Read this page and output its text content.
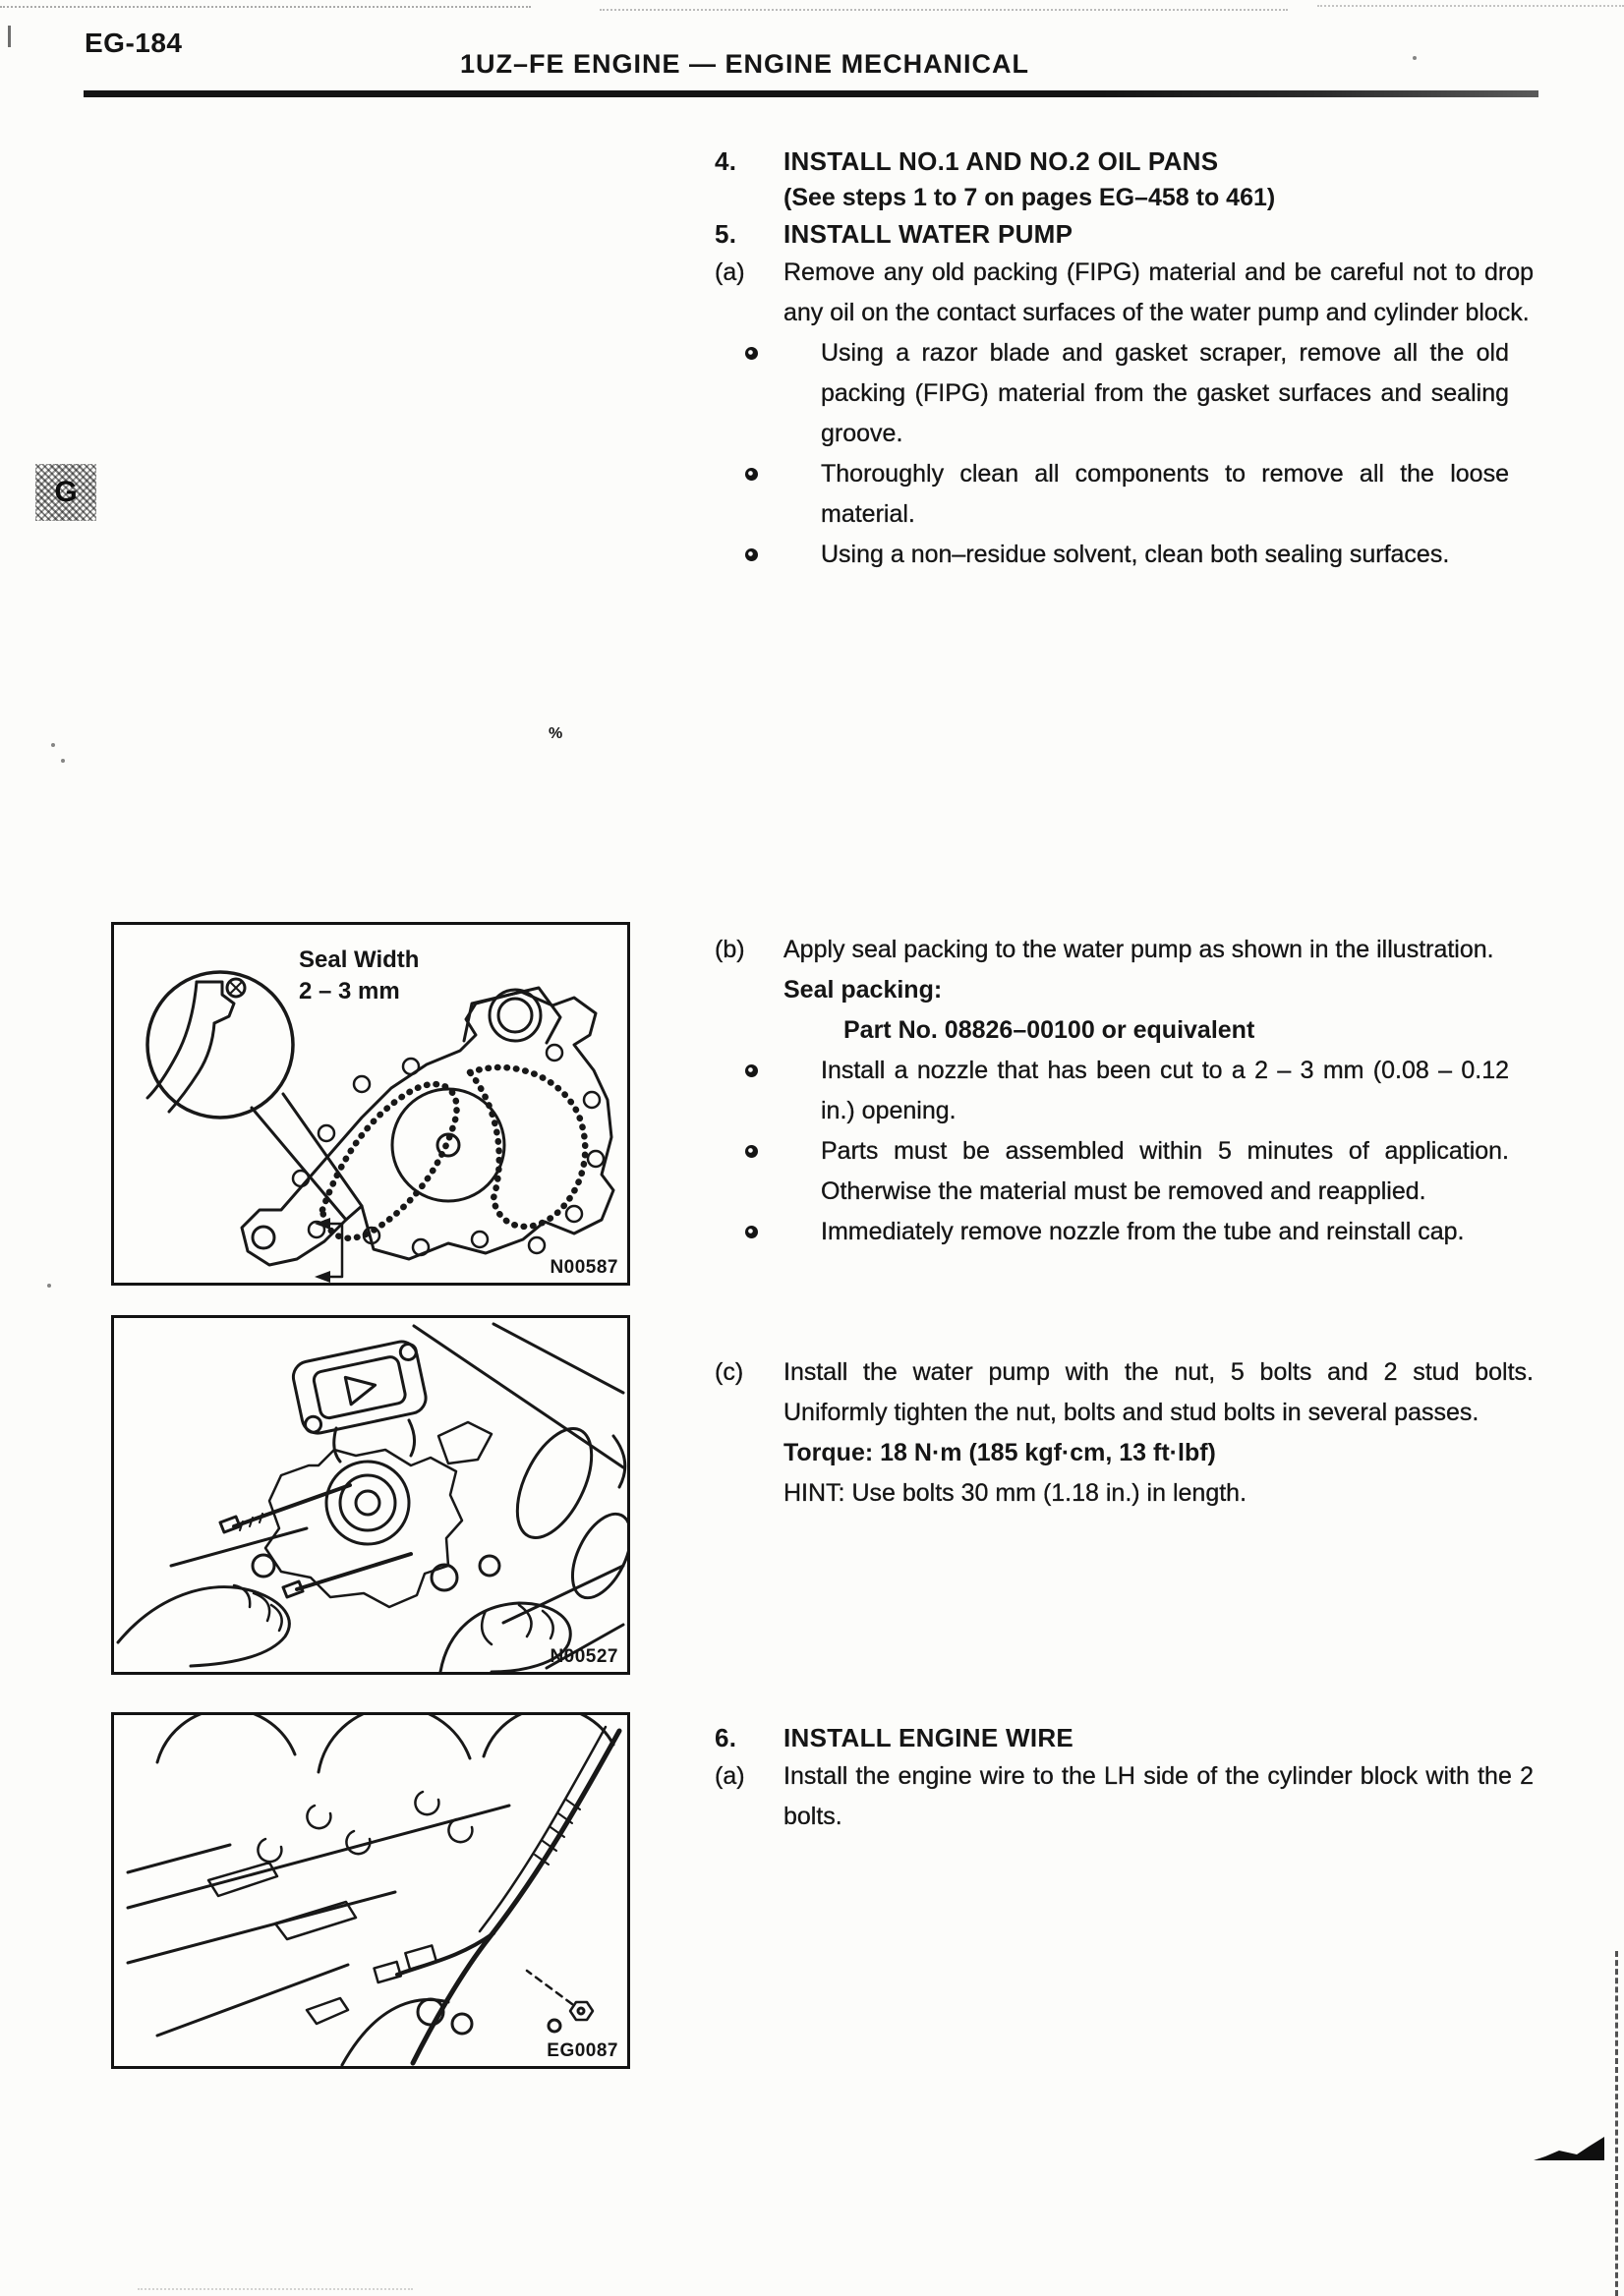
EG-184
1UZ–FE ENGINE — ENGINE MECHANICAL
G
4.	INSTALL NO.1 AND NO.2 OIL PANS
(See steps 1 to 7 on pages EG–458 to 461)
5.	INSTALL WATER PUMP
(a)	Remove any old packing (FIPG) material and be careful not to drop any oil on the contact surfaces of the water pump and cylinder block.
Using a razor blade and gasket scraper, remove all the old packing (FIPG) material from the gasket surfaces and sealing groove.
Thoroughly clean all components to remove all the loose material.
Using a non–residue solvent, clean both sealing surfaces.
(b)	Apply seal packing to the water pump as shown in the illustration.
Seal packing:
Part No. 08826–00100 or equivalent
Install a nozzle that has been cut to a 2 – 3 mm (0.08 – 0.12 in.) opening.
Parts must be assembled within 5 minutes of application. Otherwise the material must be removed and reapplied.
Immediately remove nozzle from the tube and reinstall cap.
(c)	Install the water pump with the nut, 5 bolts and 2 stud bolts. Uniformly tighten the nut, bolts and stud bolts in several passes.
Torque: 18 N·m (185 kgf·cm, 13 ft·lbf)
HINT: Use bolts 30 mm (1.18 in.) in length.
6.	INSTALL ENGINE WIRE
(a)	Install the engine wire to the LH side of the cylinder block with the 2 bolts.
Seal Width
2 – 3 mm
N00587
N00527
EG0087
%
